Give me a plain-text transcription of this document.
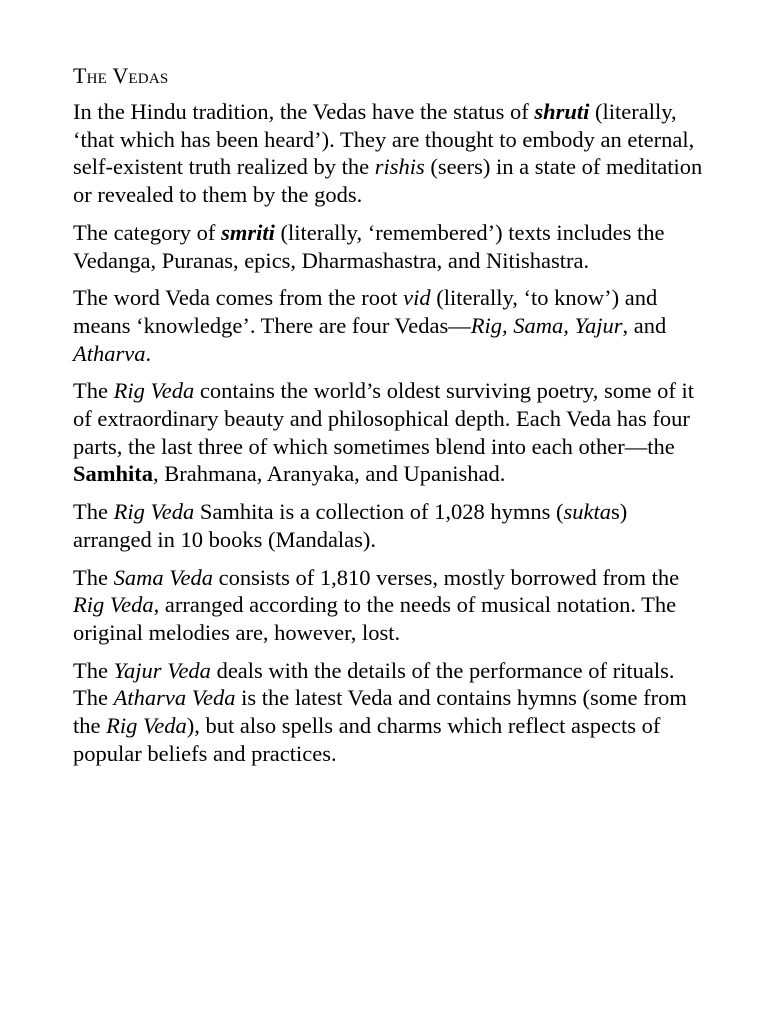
The Vedas

In the Hindu tradition, the Vedas have the status of shruti (literally, ‘that which has been heard’). They are thought to embody an eternal, self-existent truth realized by the rishis (seers) in a state of meditation or revealed to them by the gods.

The category of smriti (literally, ‘remembered’) texts includes the Vedanga, Puranas, epics, Dharmashastra, and Nitishastra.

The word Veda comes from the root vid (literally, ‘to know’) and means ‘knowledge’. There are four Vedas—Rig, Sama, Yajur, and Atharva.

The Rig Veda contains the world’s oldest surviving poetry, some of it of extraordinary beauty and philosophical depth. Each Veda has four parts, the last three of which sometimes blend into each other—the Samhita, Brahmana, Aranyaka, and Upanishad.

The Rig Veda Samhita is a collection of 1,028 hymns (suktas) arranged in 10 books (Mandalas).

The Sama Veda consists of 1,810 verses, mostly borrowed from the Rig Veda, arranged according to the needs of musical notation. The original melodies are, however, lost.

The Yajur Veda deals with the details of the performance of rituals. The Atharva Veda is the latest Veda and contains hymns (some from the Rig Veda), but also spells and charms which reflect aspects of popular beliefs and practices.
